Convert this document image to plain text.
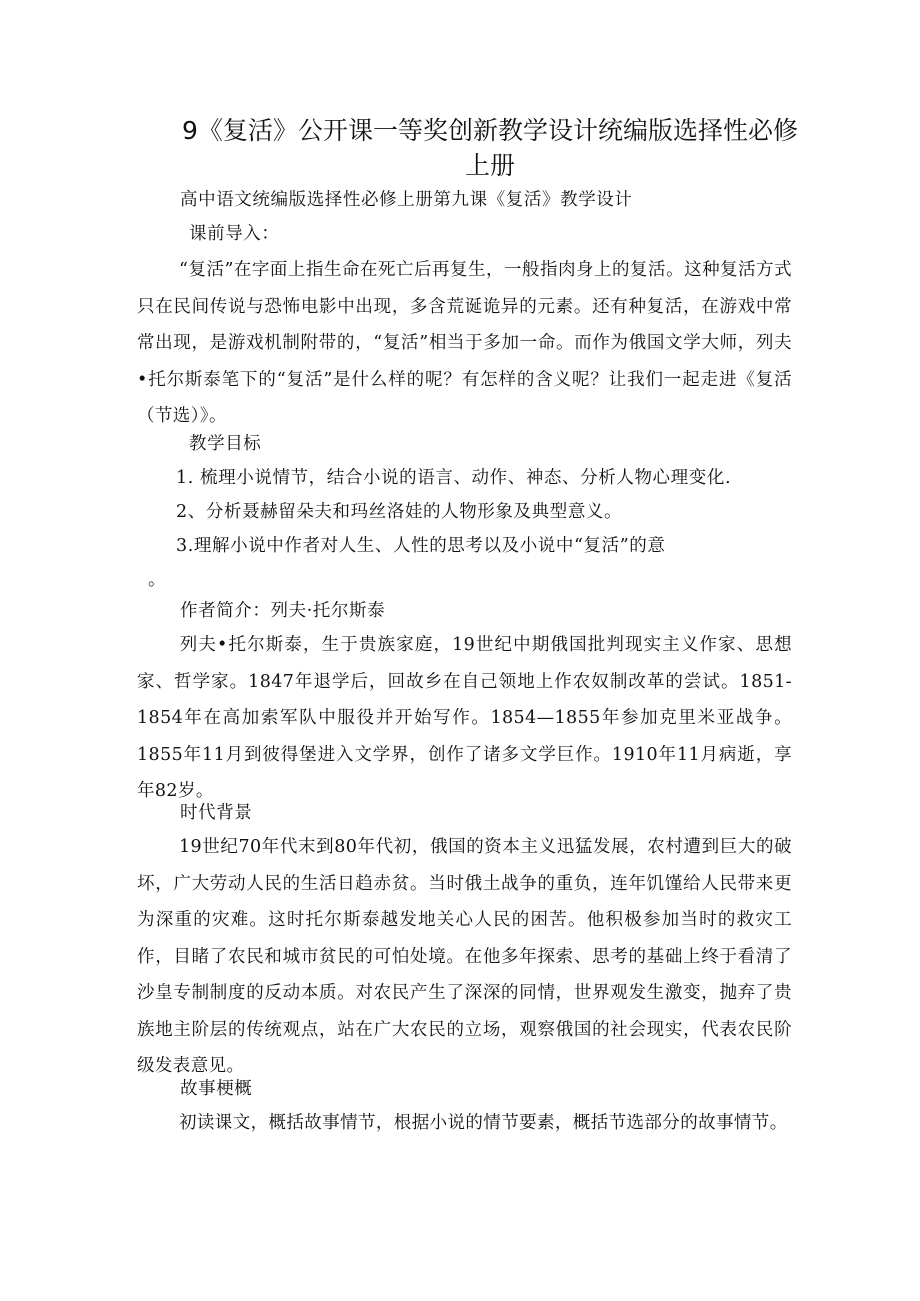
9《复活》公开课一等奖创新教学设计统编版选择性必修
上册
高中语文统编版选择性必修上册第九课《复活》教学设计
课前导入：
“复活”在字面上指生命在死亡后再复生，一般指肉身上的复活。这种复活方式只在民间传说与恐怖电影中出现，多含荒诞诡异的元素。还有种复活，在游戏中常常出现，是游戏机制附带的，“复活”相当于多加一命。而作为俄国文学大师，列夫•托尔斯泰笔下的“复活”是什么样的呢？有怎样的含义呢？让我们一起走进《复活（节选）》。
教学目标
1. 梳理小说情节，结合小说的语言、动作、神态、分析人物心理变化.
2、分析聂赫留朵夫和玛丝洛娃的人物形象及典型意义。
3.理解小说中作者对人生、人性的思考以及小说中“复活”的意
。
作者简介：列夫·托尔斯泰
列夫•托尔斯泰，生于贵族家庭，19世纪中期俄国批判现实主义作家、思想家、哲学家。1847年退学后，回故乡在自己领地上作农奴制改革的尝试。1851-1854年在高加索军队中服役并开始写作。1854—1855年参加克里米亚战争。1855年11月到彼得堡进入文学界，创作了诸多文学巨作。1910年11月病逝，享年82岁。
时代背景
19世纪70年代末到80年代初，俄国的资本主义迅猛发展，农村遭到巨大的破坏，广大劳动人民的生活日趋赤贫。当时俄土战争的重负，连年饥馑给人民带来更为深重的灾难。这时托尔斯泰越发地关心人民的困苦。他积极参加当时的救灾工作，目睹了农民和城市贫民的可怕处境。在他多年探索、思考的基础上终于看清了沙皇专制制度的反动本质。对农民产生了深深的同情，世界观发生激变，抛弃了贵族地主阶层的传统观点，站在广大农民的立场，观察俄国的社会现实，代表农民阶级发表意见。
故事梗概
初读课文，概括故事情节，根据小说的情节要素，概括节选部分的故事情节。
